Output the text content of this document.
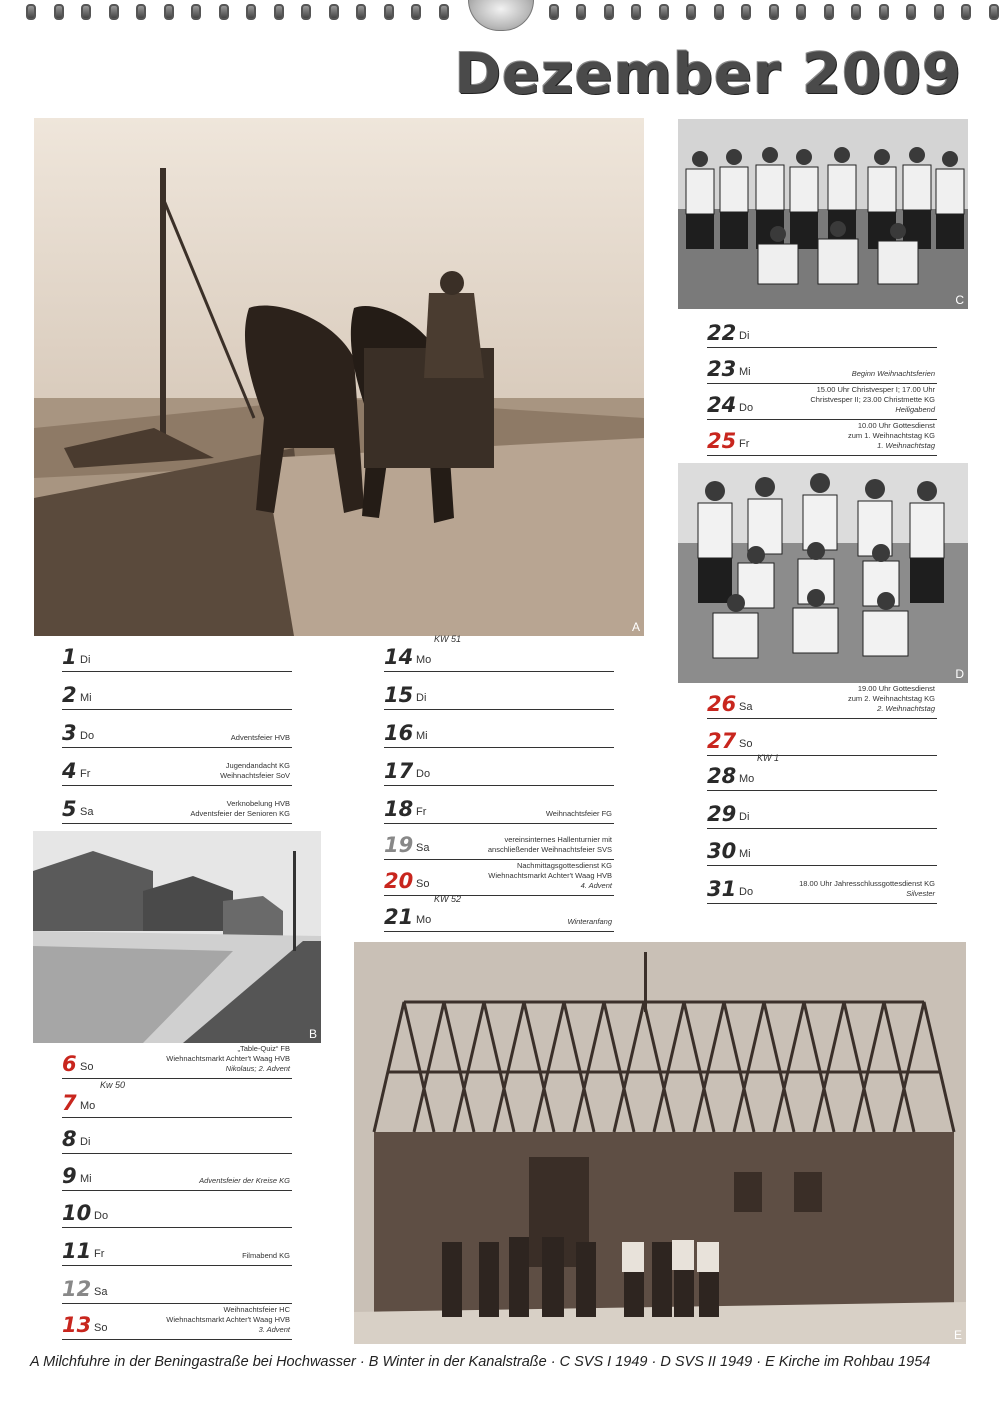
Dezember 2009
A
C
D
B
E
1 Di
2 Mi
3 Do	Adventsfeier HVB
4 Fr
Jugendandacht KG
Weihnachtsfeier SoV
5 Sa
Verknobelung HVB
Adventsfeier der Senioren KG
6 So
„Table-Quiz“ FB
Wiehnachtsmarkt Achter't Waag HVB
Nikolaus; 2. Advent
7 Mo
Kw 50
8 Di
9 Mi	Adventsfeier der Kreise KG
10 Do
11 Fr	Filmabend KG
12 Sa
13 So
Weihnachtsfeier HC
Wiehnachtsmarkt Achter't Waag HVB
3. Advent
14 Mo
KW 51
15 Di
16 Mi
17 Do
18 Fr	Weihnachtsfeier FG
19 Sa
vereinsinternes Hallenturnier mit
anschließender Weihnachtsfeier SVS
20 So
Nachmittagsgottesdienst KG
Wiehnachtsmarkt Achter't Waag HVB
4. Advent
21 Mo
KW 52
Winteranfang
22 Di
23 Mi	Beginn Weihnachtsferien
24 Do
15.00 Uhr Christvesper I; 17.00 Uhr
Christvesper II; 23.00 Christmette KG
Heiligabend
25 Fr
10.00 Uhr Gottesdienst
zum 1. Weihnachtstag KG
1. Weihnachtstag
26 Sa
19.00 Uhr Gottesdienst
zum 2. Weihnachtstag KG
2. Weihnachtstag
27 So
28 Mo
KW 1
29 Di
30 Mi
31 Do
18.00 Uhr Jahresschlussgottesdienst KG
Silvester
A Milchfuhre in der Beningastraße bei Hochwasser · B Winter in der Kanalstraße · C SVS I 1949 · D SVS II 1949 · E Kirche im Rohbau 1954
